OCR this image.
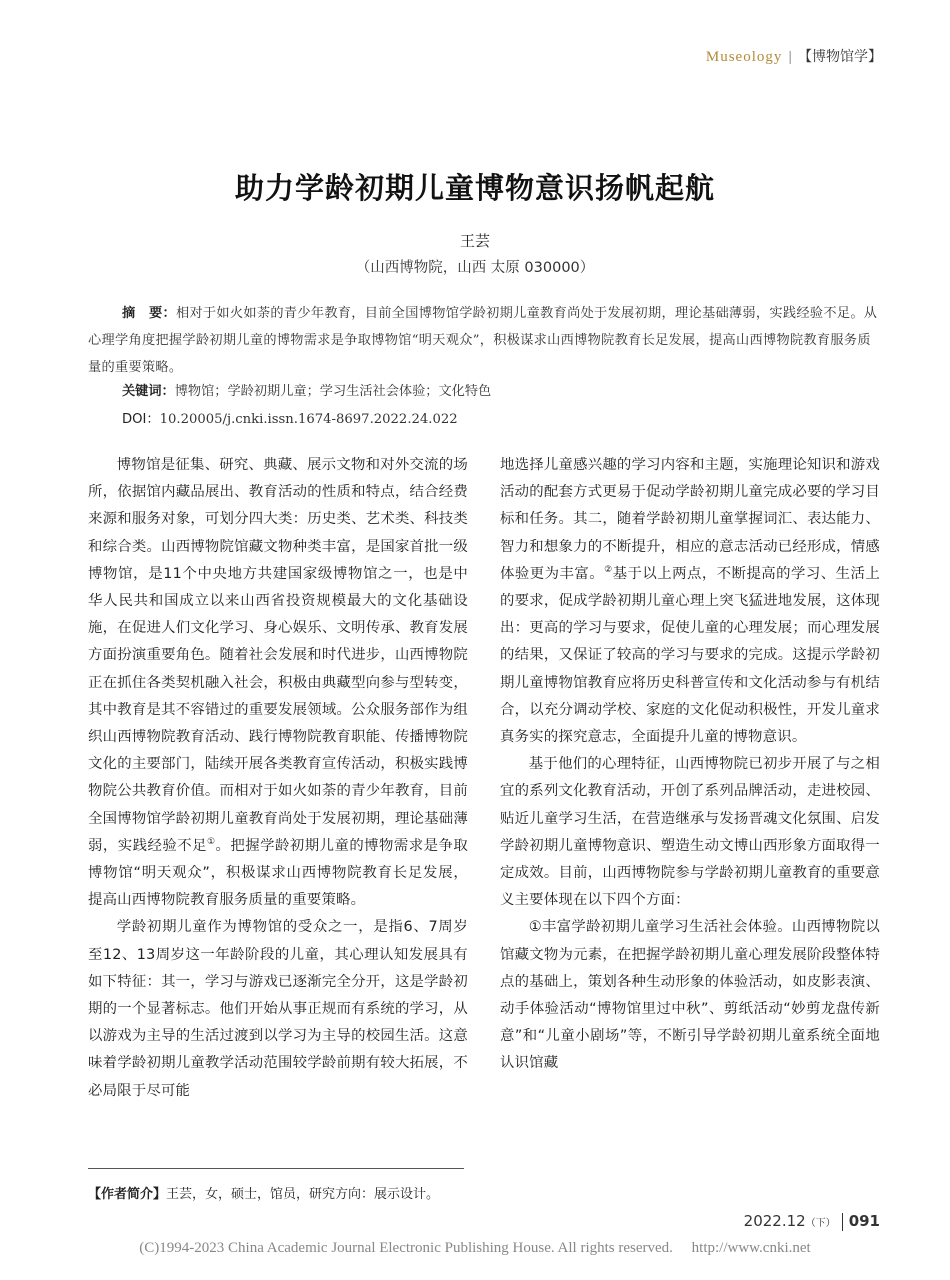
Museology | 【博物馆学】
助力学龄初期儿童博物意识扬帆起航
王芸
（山西博物院，山西 太原 030000）
摘　要：相对于如火如荼的青少年教育，目前全国博物馆学龄初期儿童教育尚处于发展初期，理论基础薄弱，实践经验不足。从心理学角度把握学龄初期儿童的博物需求是争取博物馆“明天观众”，积极谋求山西博物院教育长足发展，提高山西博物院教育服务质量的重要策略。
关键词：博物馆；学龄初期儿童；学习生活社会体验；文化特色
DOI：10.20005/j.cnki.issn.1674-8697.2022.24.022

博物馆是征集、研究、典藏、展示文物和对外交流的场所，依据馆内藏品展出、教育活动的性质和特点，结合经费来源和服务对象，可划分四大类：历史类、艺术类、科技类和综合类。山西博物院馆藏文物种类丰富，是国家首批一级博物馆，是11个中央地方共建国家级博物馆之一，也是中华人民共和国成立以来山西省投资规模最大的文化基础设施，在促进人们文化学习、身心娱乐、文明传承、教育发展方面扮演重要角色。随着社会发展和时代进步，山西博物院正在抓住各类契机融入社会，积极由典藏型向参与型转变，其中教育是其不容错过的重要发展领域。公众服务部作为组织山西博物院教育活动、践行博物院教育职能、传播博物院文化的主要部门，陆续开展各类教育宣传活动，积极实践博物院公共教育价值。而相对于如火如荼的青少年教育，目前全国博物馆学龄初期儿童教育尚处于发展初期，理论基础薄弱，实践经验不足①。把握学龄初期儿童的博物需求是争取博物馆“明天观众”，积极谋求山西博物院教育长足发展，提高山西博物院教育服务质量的重要策略。

学龄初期儿童作为博物馆的受众之一，是指6、7周岁至12、13周岁这一年龄阶段的儿童，其心理认知发展具有如下特征：其一，学习与游戏已逐渐完全分开，这是学龄初期的一个显著标志。他们开始从事正规而有系统的学习，从以游戏为主导的生活过渡到以学习为主导的校园生活。这意味着学龄初期儿童教学活动范围较学龄前期有较大拓展，不必局限于尽可能

地选择儿童感兴趣的学习内容和主题，实施理论知识和游戏活动的配套方式更易于促动学龄初期儿童完成必要的学习目标和任务。其二，随着学龄初期儿童掌握词汇、表达能力、智力和想象力的不断提升，相应的意志活动已经形成，情感体验更为丰富。②基于以上两点，不断提高的学习、生活上的要求，促成学龄初期儿童心理上突飞猛进地发展，这体现出：更高的学习与要求，促使儿童的心理发展；而心理发展的结果，又保证了较高的学习与要求的完成。这提示学龄初期儿童博物馆教育应将历史科普宣传和文化活动参与有机结合，以充分调动学校、家庭的文化促动积极性，开发儿童求真务实的探究意志，全面提升儿童的博物意识。

基于他们的心理特征，山西博物院已初步开展了与之相宜的系列文化教育活动，开创了系列品牌活动，走进校园、贴近儿童学习生活，在营造继承与发扬晋魂文化氛围、启发学龄初期儿童博物意识、塑造生动文博山西形象方面取得一定成效。目前，山西博物院参与学龄初期儿童教育的重要意义主要体现在以下四个方面：

①丰富学龄初期儿童学习生活社会体验。山西博物院以馆藏文物为元素，在把握学龄初期儿童心理发展阶段整体特点的基础上，策划各种生动形象的体验活动，如皮影表演、动手体验活动“博物馆里过中秋”、剪纸活动“妙剪龙盘传新意”和“儿童小剧场”等，不断引导学龄初期儿童系统全面地认识馆藏

【作者简介】王芸，女，硕士，馆员，研究方向：展示设计。
2022.12（下） 091
(C)1994-2023 China Academic Journal Electronic Publishing House. All rights reserved.　 http://www.cnki.net
